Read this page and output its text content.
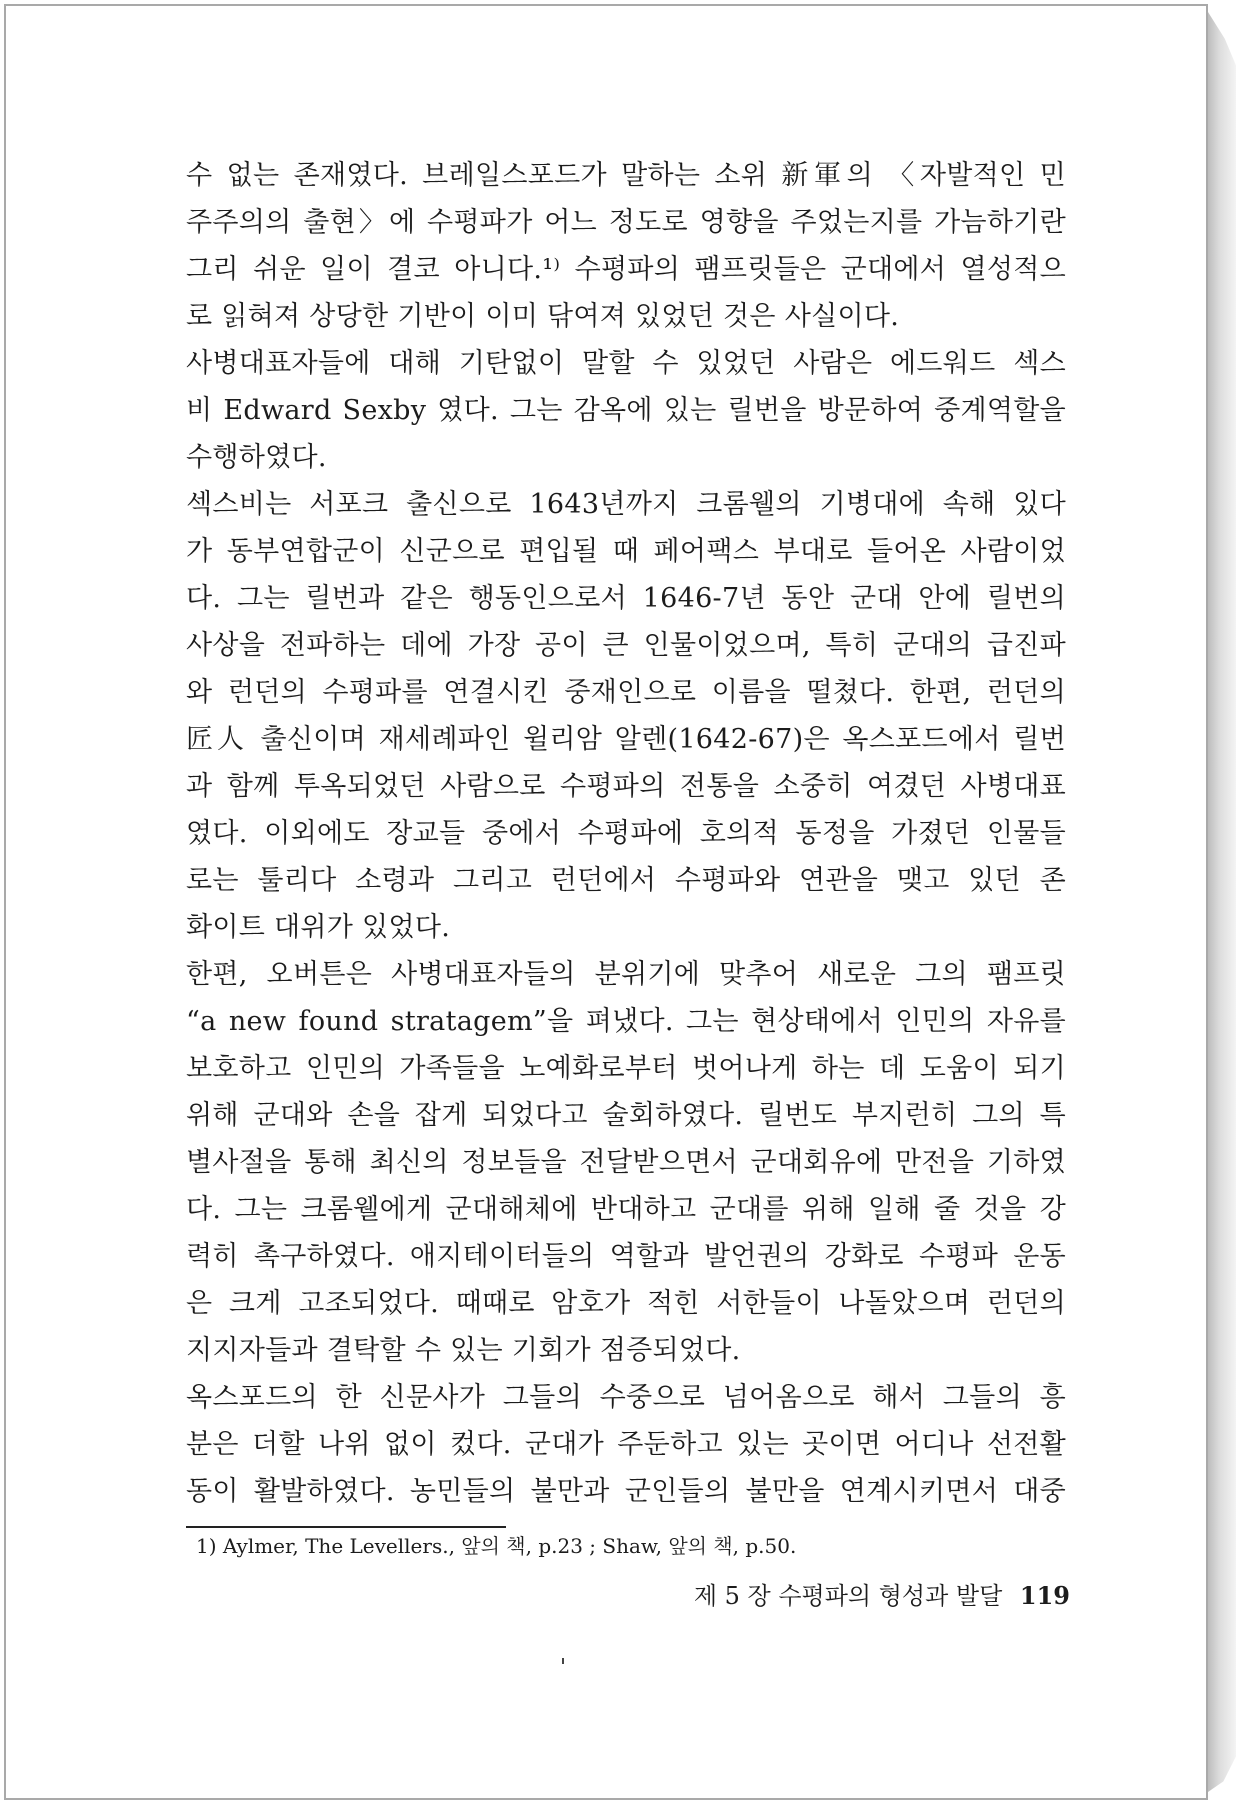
수 없는 존재였다. 브레일스포드가 말하는 소위 新軍의 〈자발적인 민

주주의의 출현〉에 수평파가 어느 정도로 영향을 주었는지를 가늠하기란

그리 쉬운 일이 결코 아니다.¹⁾ 수평파의 팸프릿들은 군대에서 열성적으

로 읽혀져 상당한 기반이 이미 닦여져 있었던 것은 사실이다.

사병대표자들에 대해 기탄없이 말할 수 있었던 사람은 에드워드 섹스

비 Edward Sexby 였다. 그는 감옥에 있는 릴번을 방문하여 중계역할을

수행하였다.

섹스비는 서포크 출신으로 1643년까지 크롬웰의 기병대에 속해 있다

가 동부연합군이 신군으로 편입될 때 페어팩스 부대로 들어온 사람이었

다. 그는 릴번과 같은 행동인으로서 1646-7년 동안 군대 안에 릴번의

사상을 전파하는 데에 가장 공이 큰 인물이었으며, 특히 군대의 급진파

와 런던의 수평파를 연결시킨 중재인으로 이름을 떨쳤다. 한편, 런던의

匠人 출신이며 재세례파인 윌리암 알렌(1642-67)은 옥스포드에서 릴번

과 함께 투옥되었던 사람으로 수평파의 전통을 소중히 여겼던 사병대표

였다. 이외에도 장교들 중에서 수평파에 호의적 동정을 가졌던 인물들

로는 툴리다 소령과 그리고 런던에서 수평파와 연관을 맺고 있던 존

화이트 대위가 있었다.

한편, 오버튼은 사병대표자들의 분위기에 맞추어 새로운 그의 팸프릿

“a new found stratagem”을 펴냈다. 그는 현상태에서 인민의 자유를

보호하고 인민의 가족들을 노예화로부터 벗어나게 하는 데 도움이 되기

위해 군대와 손을 잡게 되었다고 술회하였다. 릴번도 부지런히 그의 특

별사절을 통해 최신의 정보들을 전달받으면서 군대회유에 만전을 기하였

다. 그는 크롬웰에게 군대해체에 반대하고 군대를 위해 일해 줄 것을 강

력히 촉구하였다. 애지테이터들의 역할과 발언권의 강화로 수평파 운동

은 크게 고조되었다. 때때로 암호가 적힌 서한들이 나돌았으며 런던의

지지자들과 결탁할 수 있는 기회가 점증되었다.

옥스포드의 한 신문사가 그들의 수중으로 넘어옴으로 해서 그들의 흥

분은 더할 나위 없이 컸다. 군대가 주둔하고 있는 곳이면 어디나 선전활

동이 활발하였다. 농민들의 불만과 군인들의 불만을 연계시키면서 대중

1) Aylmer, The Levellers., 앞의 책, p.23 ; Shaw, 앞의 책, p.50.
제 5 장 수평파의 형성과 발달 119
